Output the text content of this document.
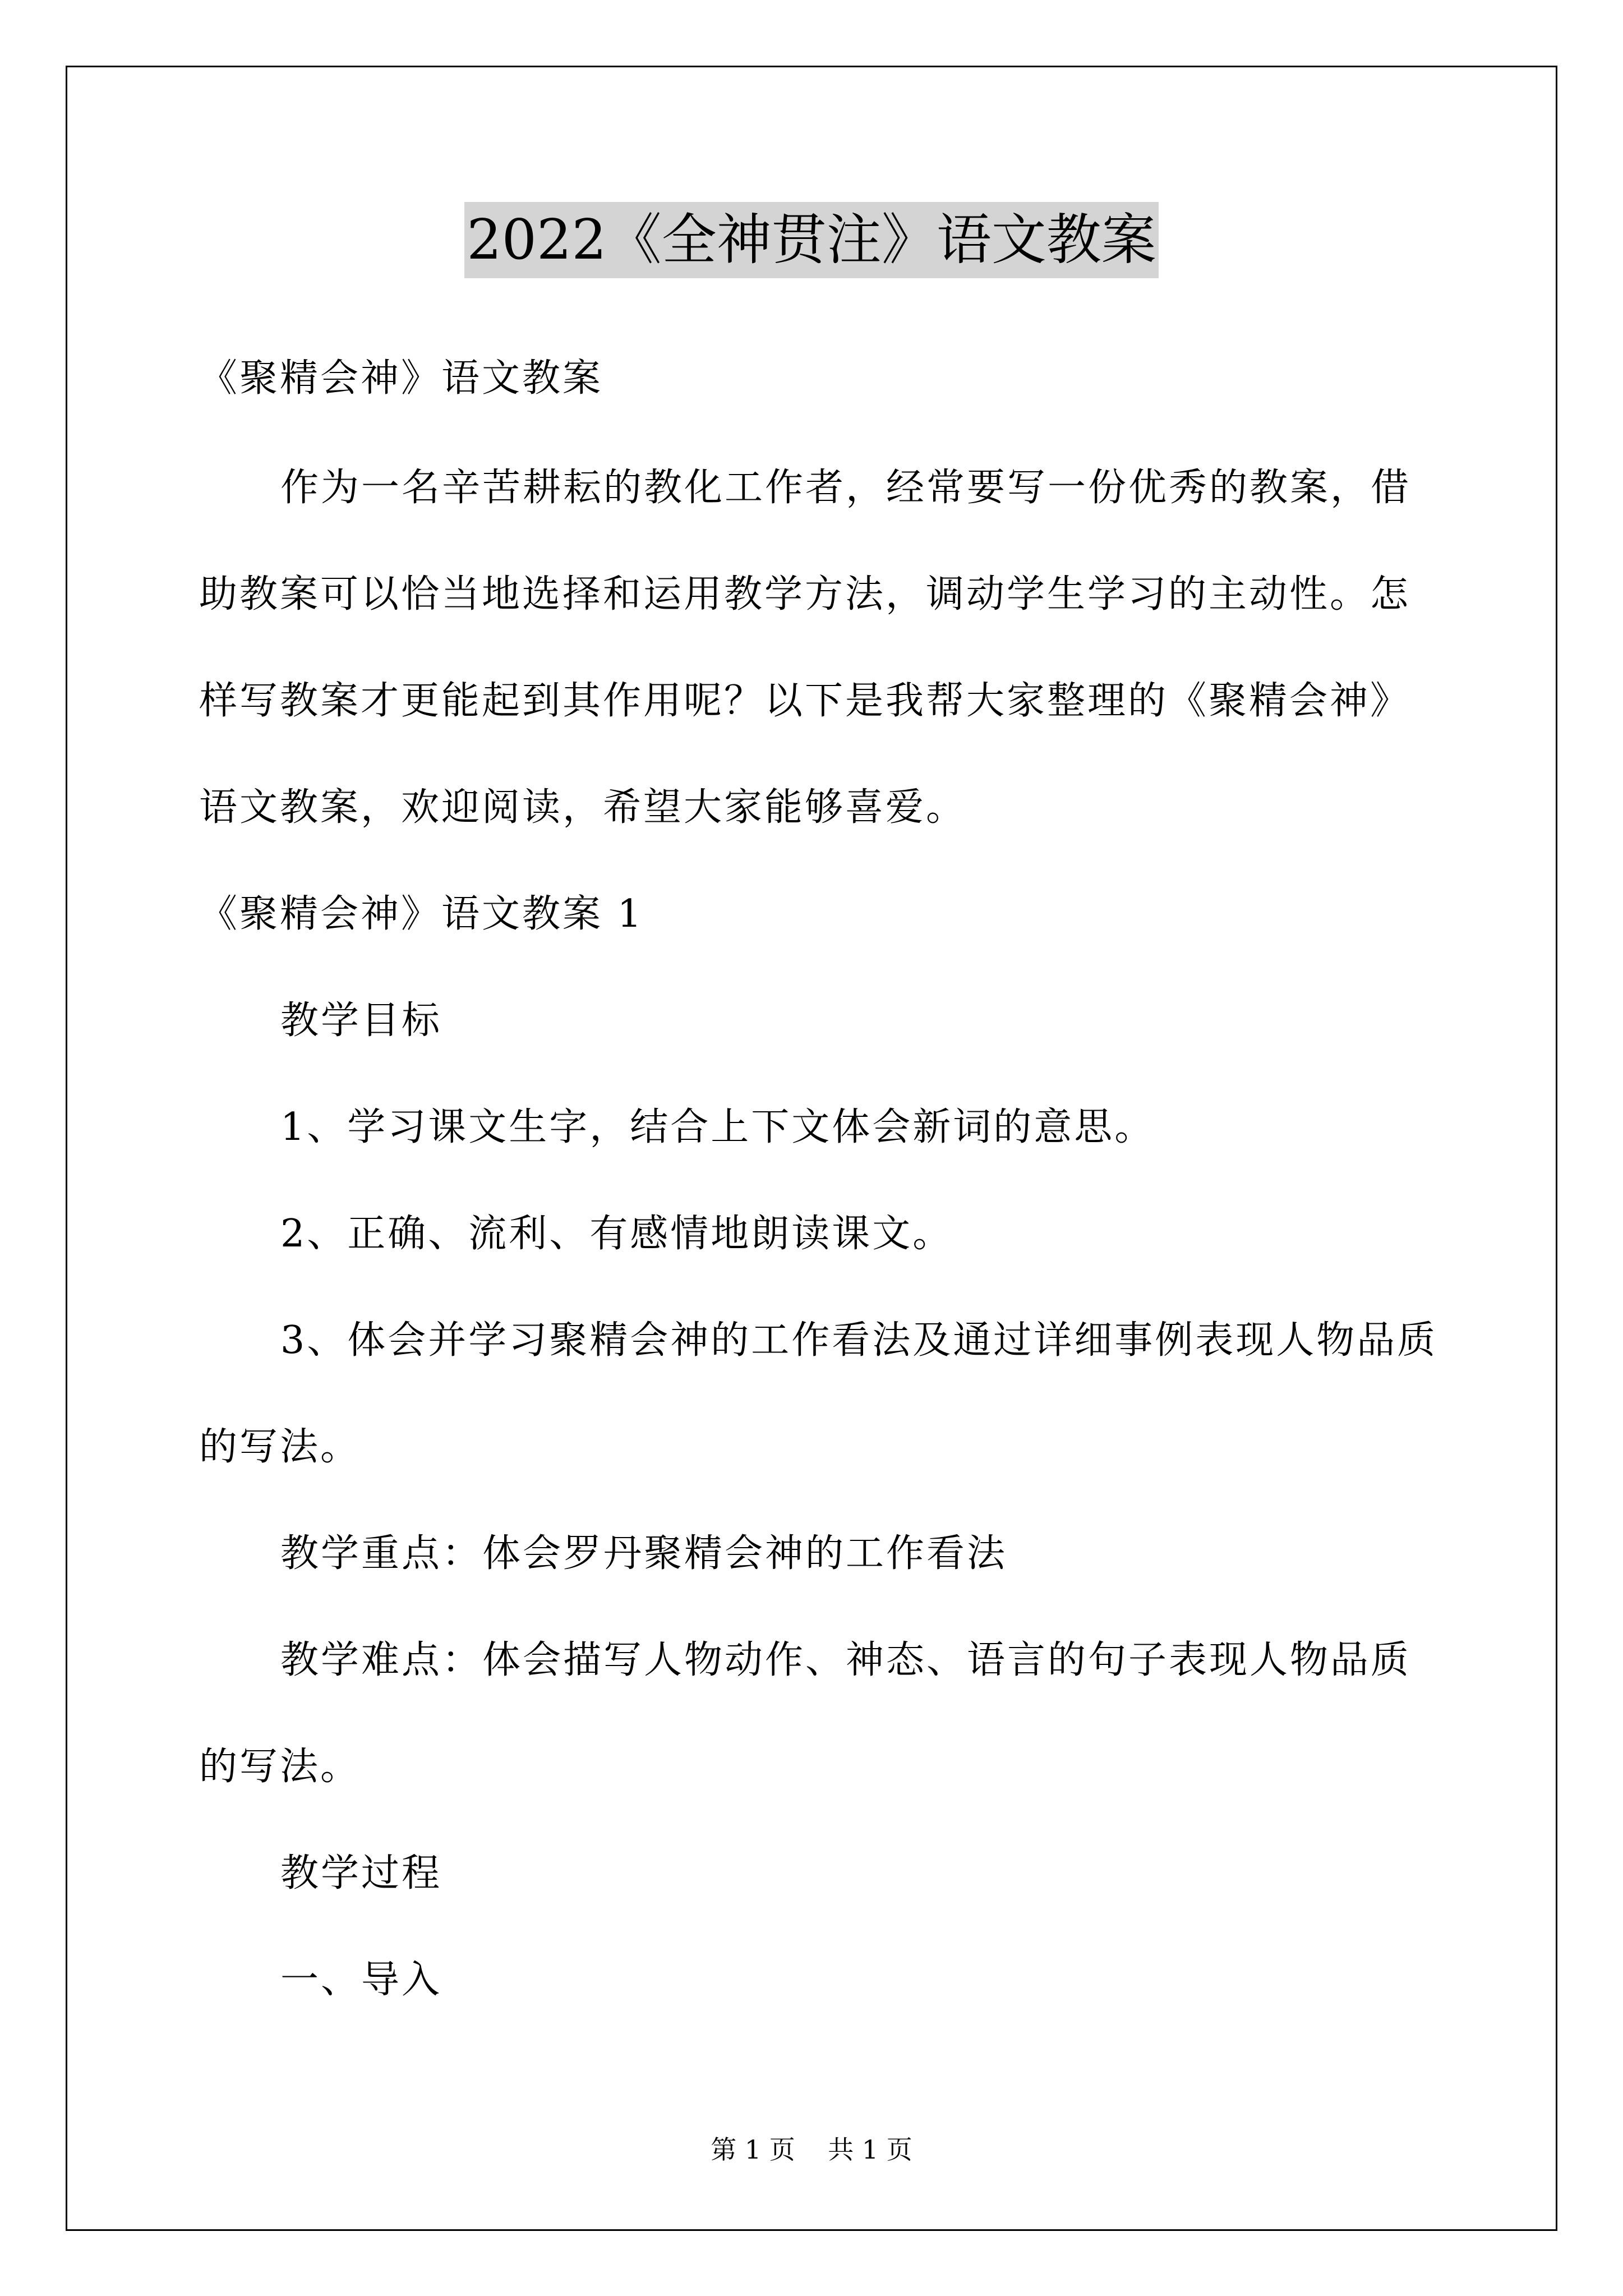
2022《全神贯注》语文教案

《聚精会神》语文教案

作为一名辛苦耕耘的教化工作者，经常要写一份优秀的教案，借

助教案可以恰当地选择和运用教学方法，调动学生学习的主动性。怎

样写教案才更能起到其作用呢？以下是我帮大家整理的《聚精会神》

语文教案，欢迎阅读，希望大家能够喜爱。

《聚精会神》语文教案 1

教学目标

1、学习课文生字，结合上下文体会新词的意思。

2、正确、流利、有感情地朗读课文。

3、体会并学习聚精会神的工作看法及通过详细事例表现人物品质

的写法。

教学重点：体会罗丹聚精会神的工作看法

教学难点：体会描写人物动作、神态、语言的句子表现人物品质

的写法。

教学过程

一、导入

第 1 页    共 1 页
